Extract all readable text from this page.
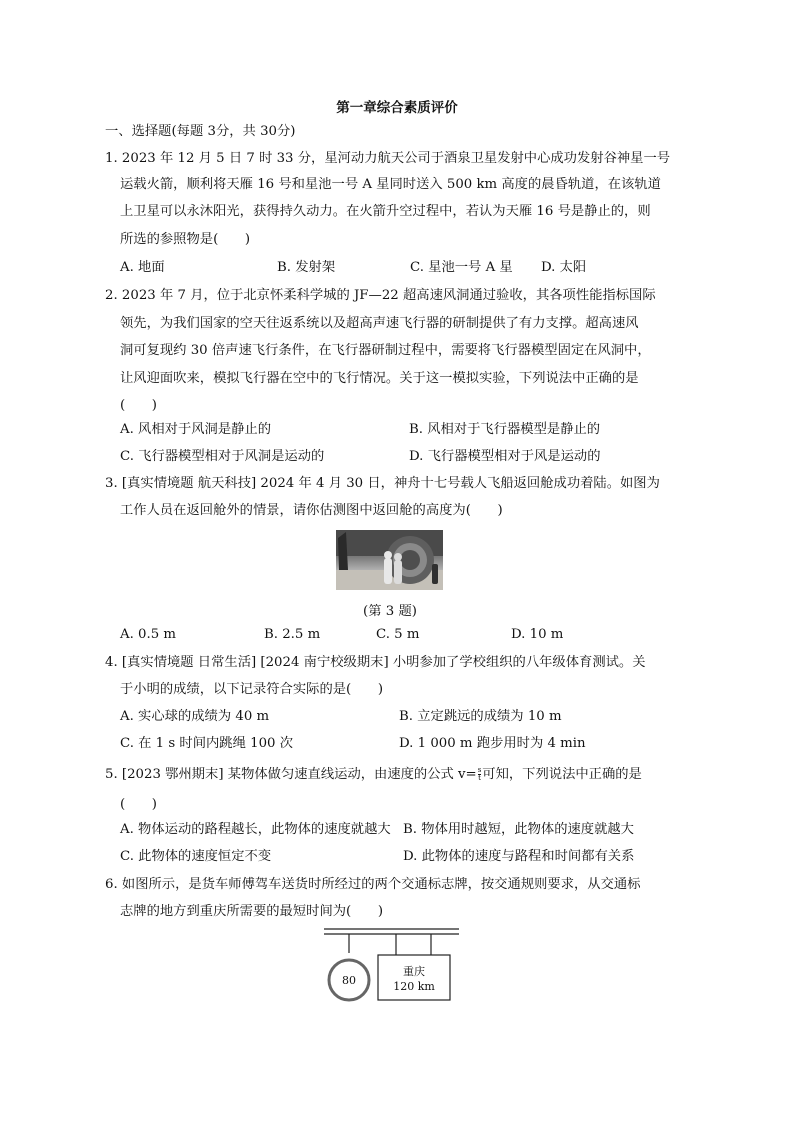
第一章综合素质评价
一、选择题(每题 3分，共 30分)
1. 2023 年 12 月 5 日 7 时 33 分，星河动力航天公司于酒泉卫星发射中心成功发射谷神星一号
运载火箭，顺利将天雁 16 号和星池一号 A 星同时送入 500 km 高度的晨昏轨道，在该轨道
上卫星可以永沐阳光，获得持久动力。在火箭升空过程中，若认为天雁 16 号是静止的，则
所选的参照物是(　　)
A. 地面	B. 发射架	C. 星池一号 A 星 D. 太阳
2. 2023 年 7 月，位于北京怀柔科学城的 JF—22 超高速风洞通过验收，其各项性能指标国际
领先，为我们国家的空天往返系统以及超高声速飞行器的研制提供了有力支撑。超高速风
洞可复现约 30 倍声速飞行条件，在飞行器研制过程中，需要将飞行器模型固定在风洞中，
让风迎面吹来，模拟飞行器在空中的飞行情况。关于这一模拟实验，下列说法中正确的是
(　　)
A. 风相对于风洞是静止的	B. 风相对于飞行器模型是静止的
C. 飞行器模型相对于风洞是运动的	D. 飞行器模型相对于风是运动的
3. [真实情境题 航天科技] 2024 年 4 月 30 日，神舟十七号载人飞船返回舱成功着陆。如图为
工作人员在返回舱外的情景，请你估测图中返回舱的高度为(　　)
(第 3 题)
A. 0.5 m	B. 2.5 m	C. 5 m	D. 10 m
4. [真实情境题 日常生活] [2024 南宁校级期末] 小明参加了学校组织的八年级体育测试。关
于小明的成绩，以下记录符合实际的是(　　)
A. 实心球的成绩为 40 m	B. 立定跳远的成绩为 10 m
C. 在 1 s 时间内跳绳 100 次	D. 1 000 m 跑步用时为 4 min
5. [2023 鄂州期末] 某物体做匀速直线运动，由速度的公式 $v= \frac{s}{t}$ 可知，下列说法中正确的是
(　　)
A. 物体运动的路程越长，此物体的速度就越大 B. 物体用时越短，此物体的速度就越大
C. 此物体的速度恒定不变	D. 此物体的速度与路程和时间都有关系
6. 如图所示，是货车师傅驾车送货时所经过的两个交通标志牌，按交通规则要求，从交通标
志牌的地方到重庆所需要的最短时间为(　　)
80
重庆
120 km
